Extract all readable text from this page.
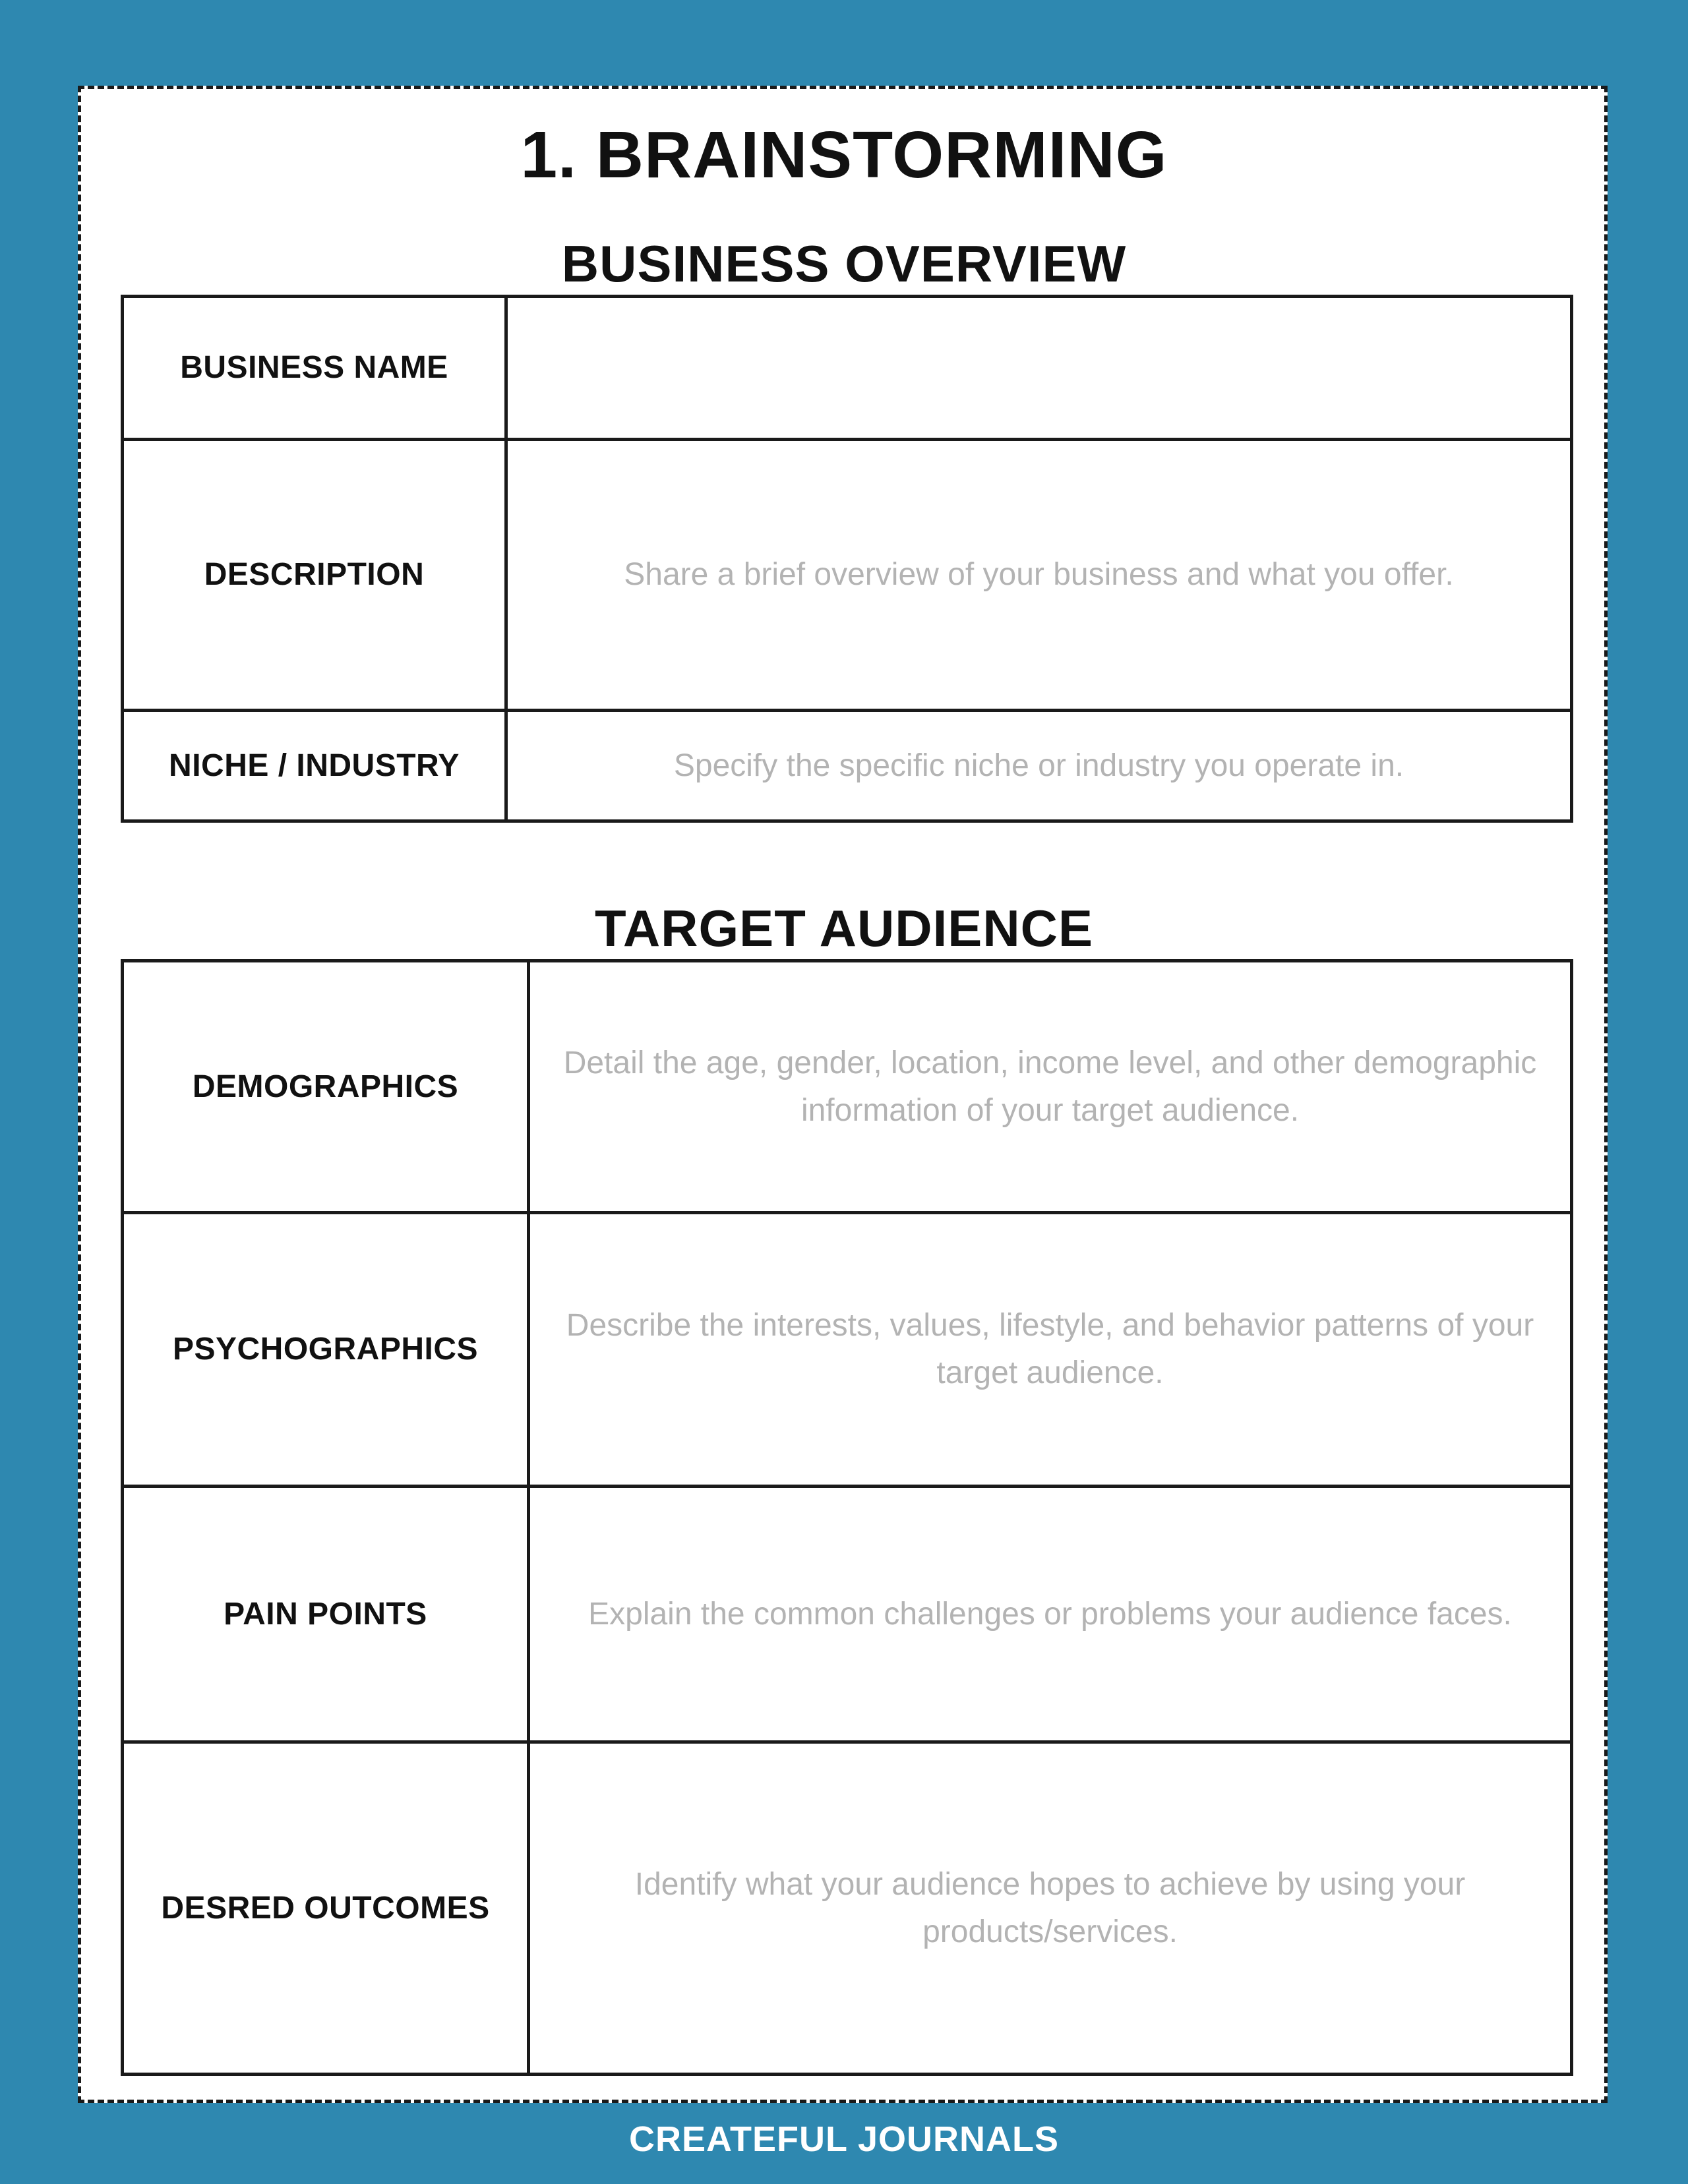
1. BRAINSTORMING
BUSINESS OVERVIEW
BUSINESS NAME	
DESCRIPTION	Share a brief overview of your business and what you offer.
NICHE / INDUSTRY	Specify the specific niche or industry you operate in.
TARGET AUDIENCE
DEMOGRAPHICS	Detail the age, gender, location, income level, and other demographic information of your target audience.
PSYCHOGRAPHICS	Describe the interests, values, lifestyle, and behavior patterns of your target audience.
PAIN POINTS	Explain the common challenges or problems your audience faces.
DESRED OUTCOMES	Identify what your audience hopes to achieve by using your products/services.
CREATEFUL JOURNALS
